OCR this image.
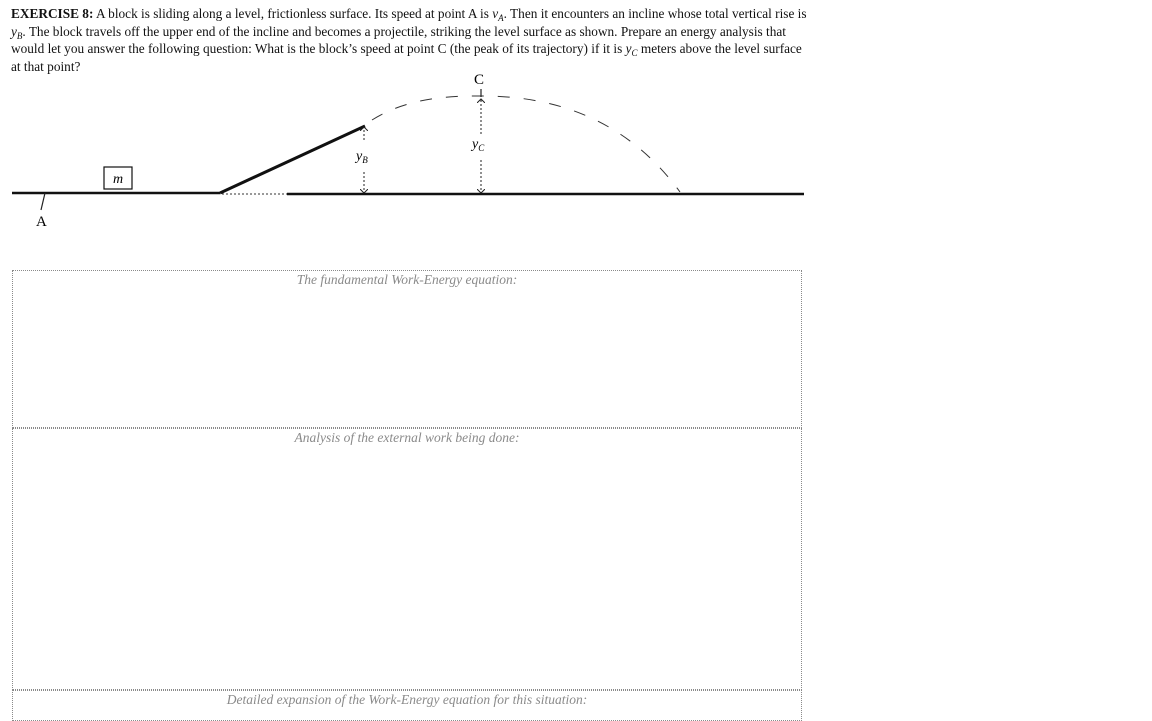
EXERCISE 8: A block is sliding along a level, frictionless surface. Its speed at point A is $v_A$. Then it encounters an incline whose total vertical rise is $y_B$. The block travels off the upper end of the incline and becomes a projectile, striking the level surface as shown. Prepare an energy analysis that would let you answer the following question: What is the block’s speed at point C (the peak of its trajectory) if it is $y_C$ meters above the level surface at that point?
A
m
$y_B$
C
$y_C$
The fundamental Work-Energy equation:
Analysis of the external work being done:
Detailed expansion of the Work-Energy equation for this situation:
